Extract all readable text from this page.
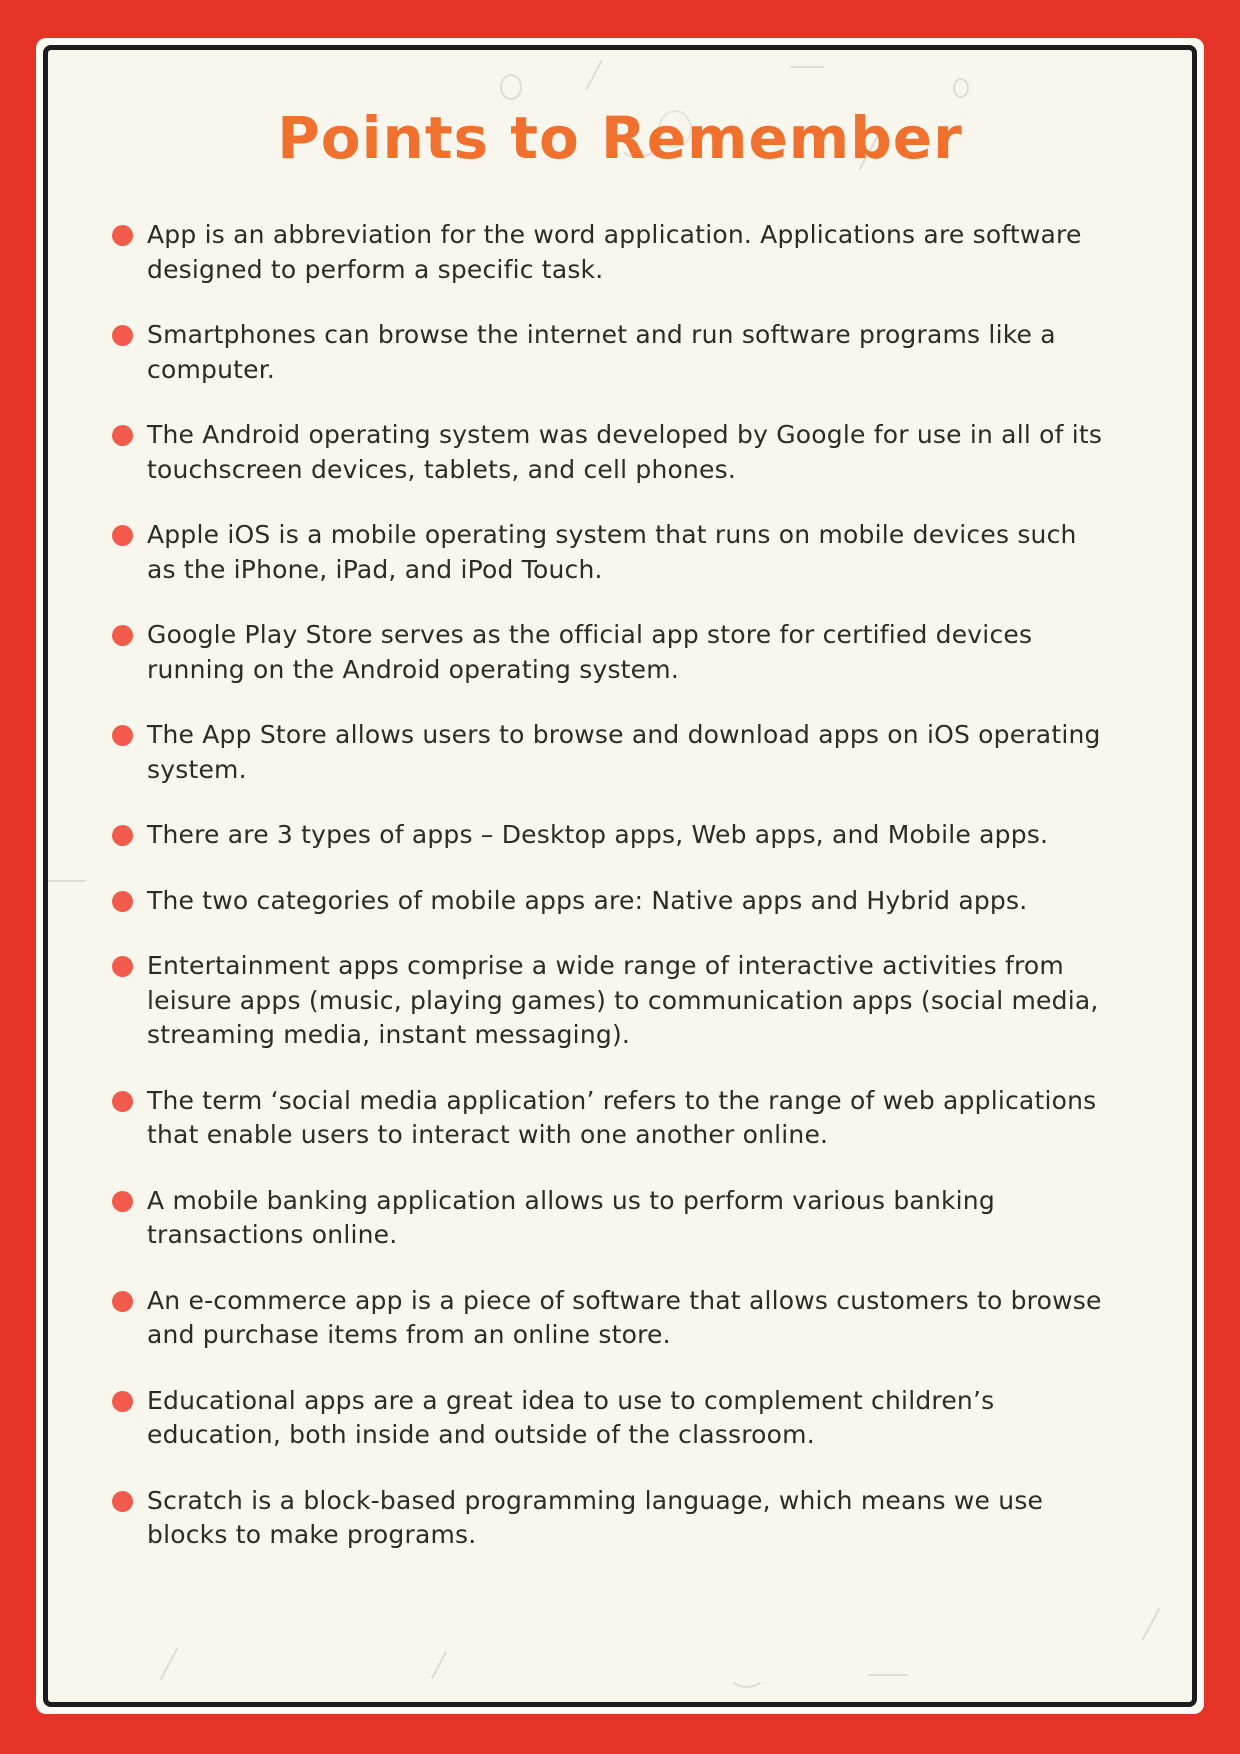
Points to Remember
App is an abbreviation for the word application. Applications are software designed to perform a specific task.
Smartphones can browse the internet and run software programs like a computer.
The Android operating system was developed by Google for use in all of its touchscreen devices, tablets, and cell phones.
Apple iOS is a mobile operating system that runs on mobile devices such as the iPhone, iPad, and iPod Touch.
Google Play Store serves as the official app store for certified devices running on the Android operating system.
The App Store allows users to browse and download apps on iOS operating system.
There are 3 types of apps – Desktop apps, Web apps, and Mobile apps.
The two categories of mobile apps are: Native apps and Hybrid apps.
Entertainment apps comprise a wide range of interactive activities from leisure apps (music, playing games) to communication apps (social media, streaming media, instant messaging).
The term ‘social media application’ refers to the range of web applications that enable users to interact with one another online.
A mobile banking application allows us to perform various banking transactions online.
An e-commerce app is a piece of software that allows customers to browse and purchase items from an online store.
Educational apps are a great idea to use to complement children’s education, both inside and outside of the classroom.
Scratch is a block-based programming language, which means we use blocks to make programs.
